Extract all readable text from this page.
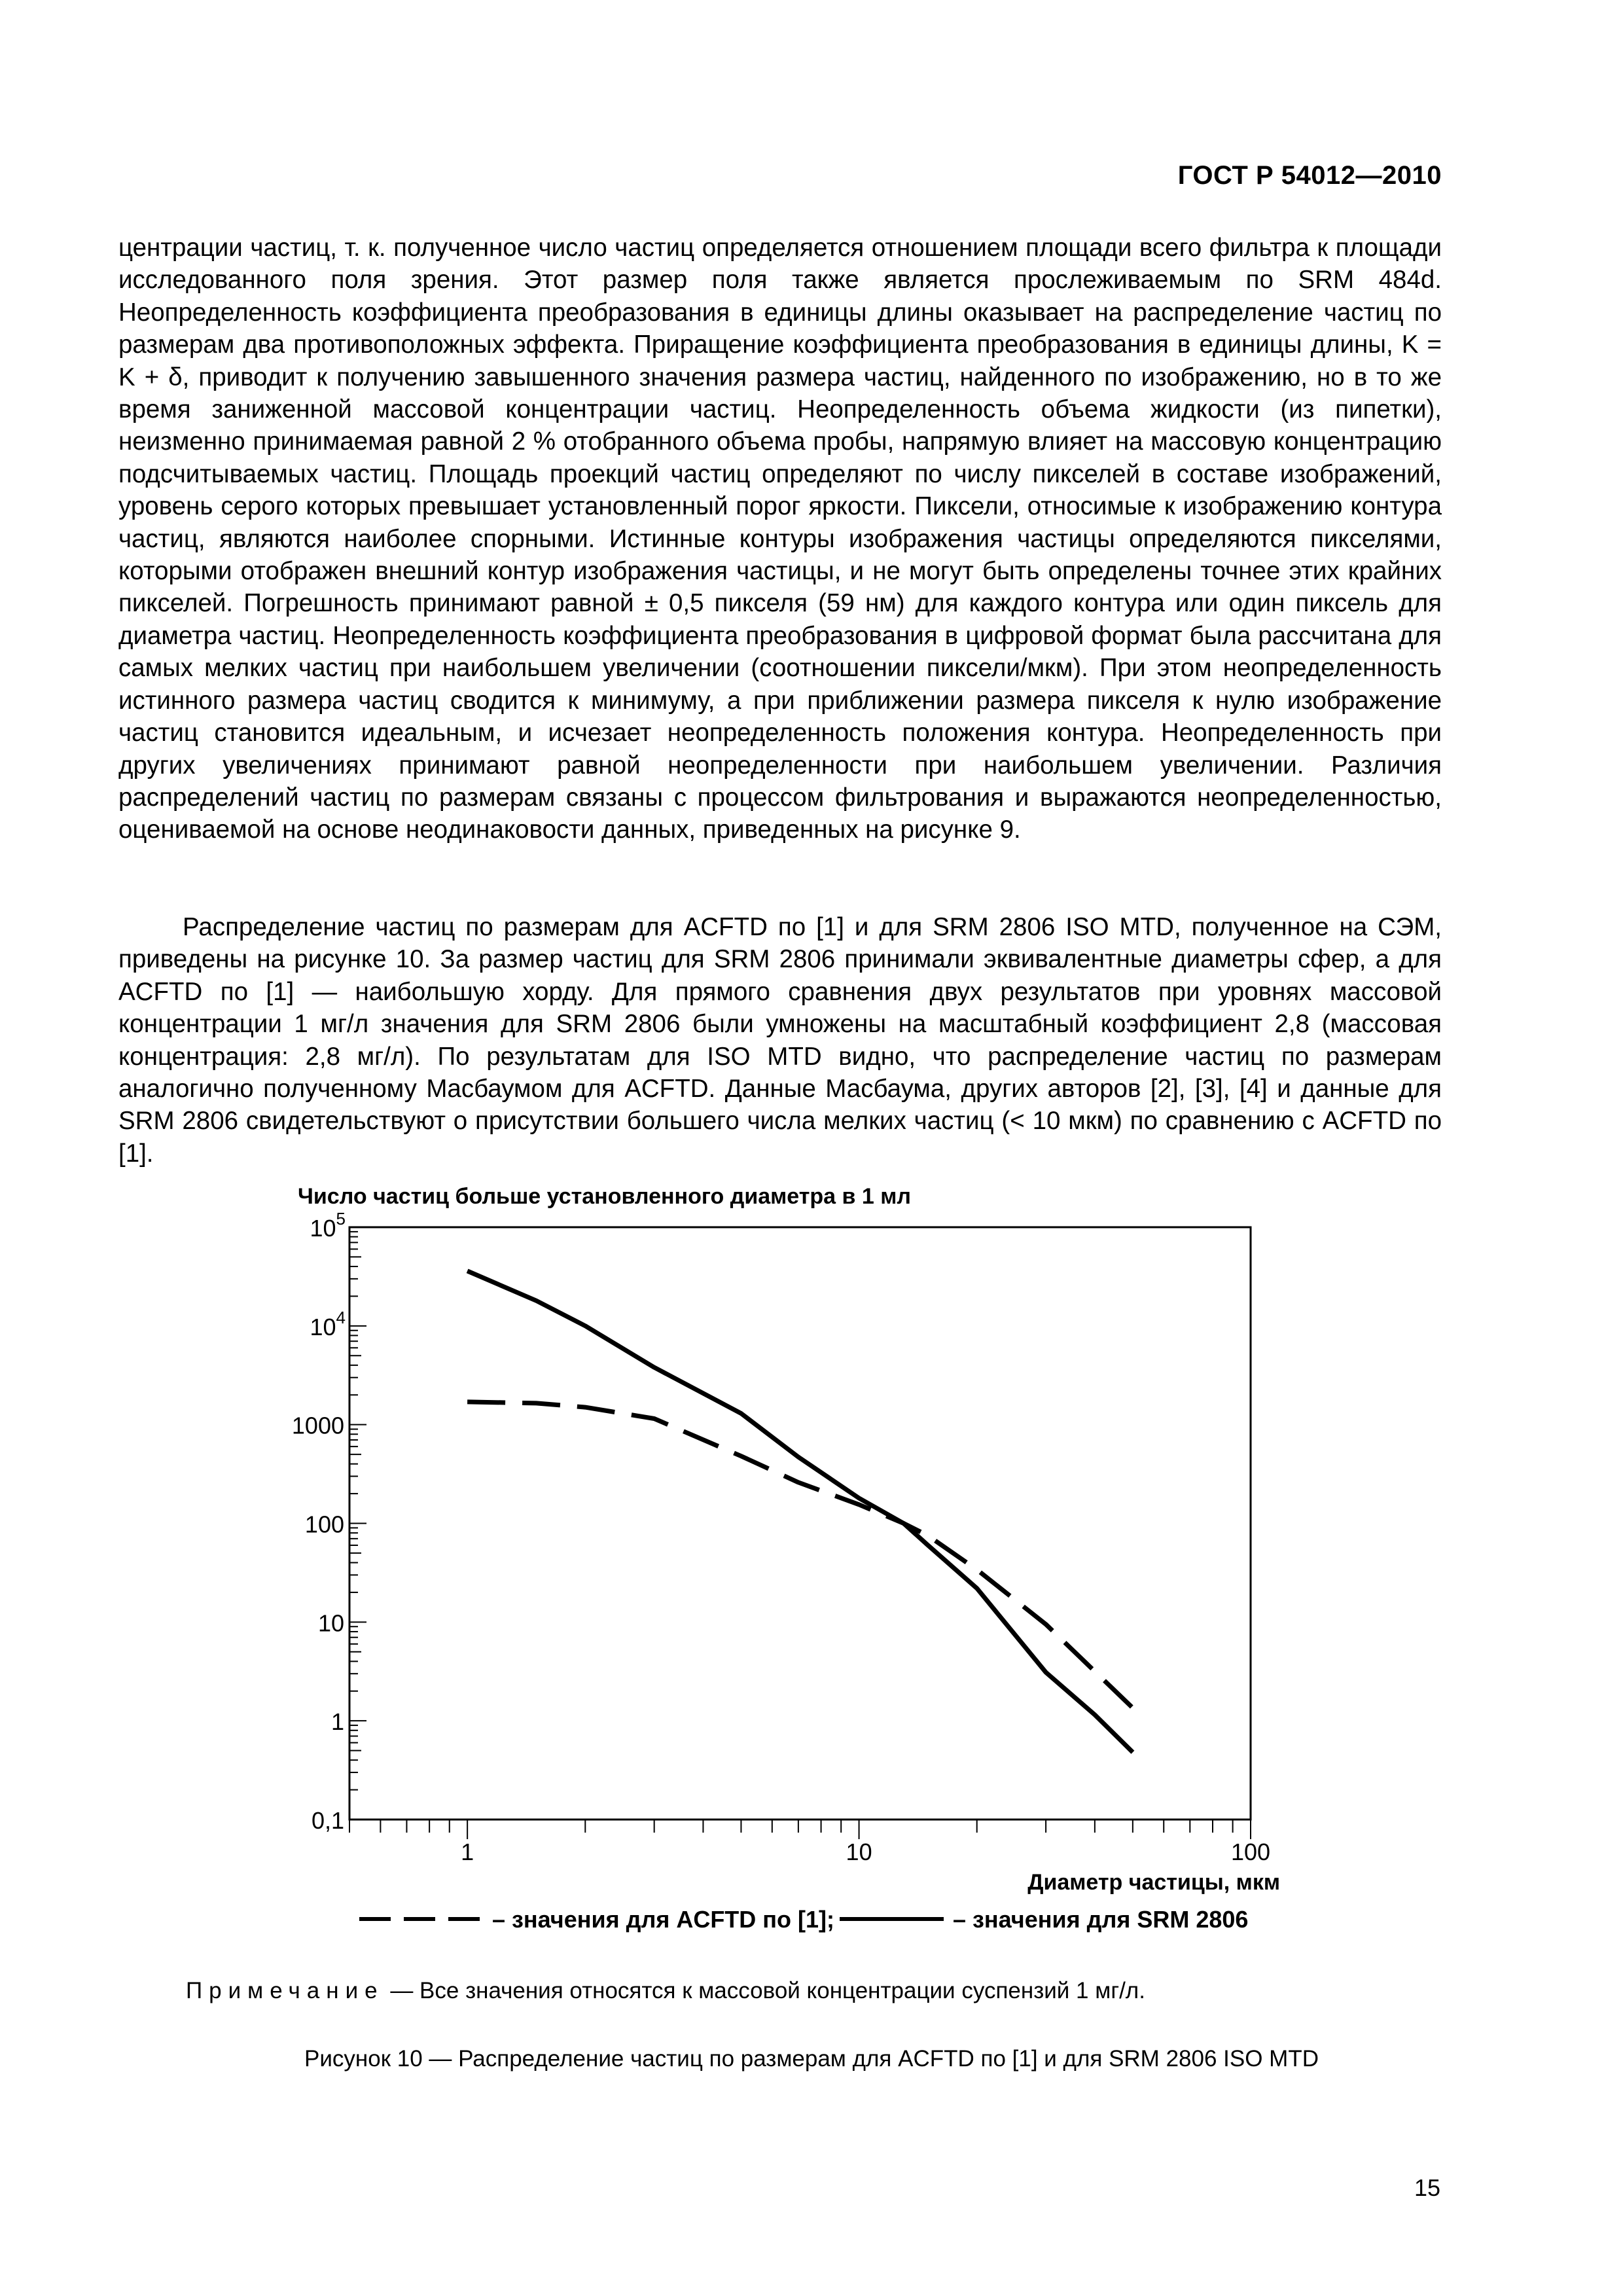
ГОСТ Р 54012—2010

центрации частиц, т. к. полученное число частиц определяется отношением площади всего фильтра к площади исследованного поля зрения. Этот размер поля также является прослеживаемым по SRM 484d. Неопределенность коэффициента преобразования в единицы длины оказывает на распределение частиц по размерам два противоположных эффекта. Приращение коэффициента преобразования в единицы длины, K = K + δ, приводит к получению завышенного значения размера частиц, найденного по изображению, но в то же время заниженной массовой концентрации частиц. Неопределенность объема жидкости (из пипетки), неизменно принимаемая равной 2 % отобранного объема пробы, напрямую влияет на массовую концентрацию подсчитываемых частиц. Площадь проекций частиц определяют по числу пикселей в составе изображений, уровень серого которых превышает установленный порог яркости. Пиксели, относимые к изображению контура частиц, являются наиболее спорными. Истинные контуры изображения частицы определяются пикселями, которыми отображен внешний контур изображения частицы, и не могут быть определены точнее этих крайних пикселей. Погрешность принимают равной ± 0,5 пикселя (59 нм) для каждого контура или один пиксель для диаметра частиц. Неопределенность коэффициента преобразования в цифровой формат была рассчитана для самых мелких частиц при наибольшем увеличении (соотношении пиксели/мкм). При этом неопределенность истинного размера частиц сводится к минимуму, а при приближении размера пикселя к нулю изображение частиц становится идеальным, и исчезает неопределенность положения контура. Неопределенность при других увеличениях принимают равной неопределенности при наибольшем увеличении. Различия распределений частиц по размерам связаны с процессом фильтрования и выражаются неопределенностью, оцениваемой на основе неодинаковости данных, приведенных на рисунке 9.

Распределение частиц по размерам для ACFTD по [1] и для SRM 2806 ISO MTD, полученное на СЭМ, приведены на рисунке 10. За размер частиц для SRM 2806 принимали эквивалентные диаметры сфер, а для ACFTD по [1] — наибольшую хорду. Для прямого сравнения двух результатов при уровнях массовой концентрации 1 мг/л значения для SRM 2806 были умножены на масштабный коэффициент 2,8 (массовая концентрация: 2,8 мг/л). По результатам для ISO MTD видно, что распределение частиц по размерам аналогично полученному Мaсбаумом для ACFTD. Данные Масбаума, других авторов [2], [3], [4] и данные для SRM 2806 свидетельствуют о присутствии большего числа мелких частиц (< 10 мкм) по сравнению с ACFTD по [1].

$10^5$
$10^4$
1000
100
10
1
0,1
1	10	100
Число частиц больше установленного диаметра в 1 мл
Диаметр частицы, мкм
– значения для ACFTD по [1];	– значения для SRM 2806
Примечание — Все значения относятся к массовой концентрации суспензий 1 мг/л.
Рисунок 10 — Распределение частиц по размерам для ACFTD по [1] и для SRM 2806 ISO MTD
15
